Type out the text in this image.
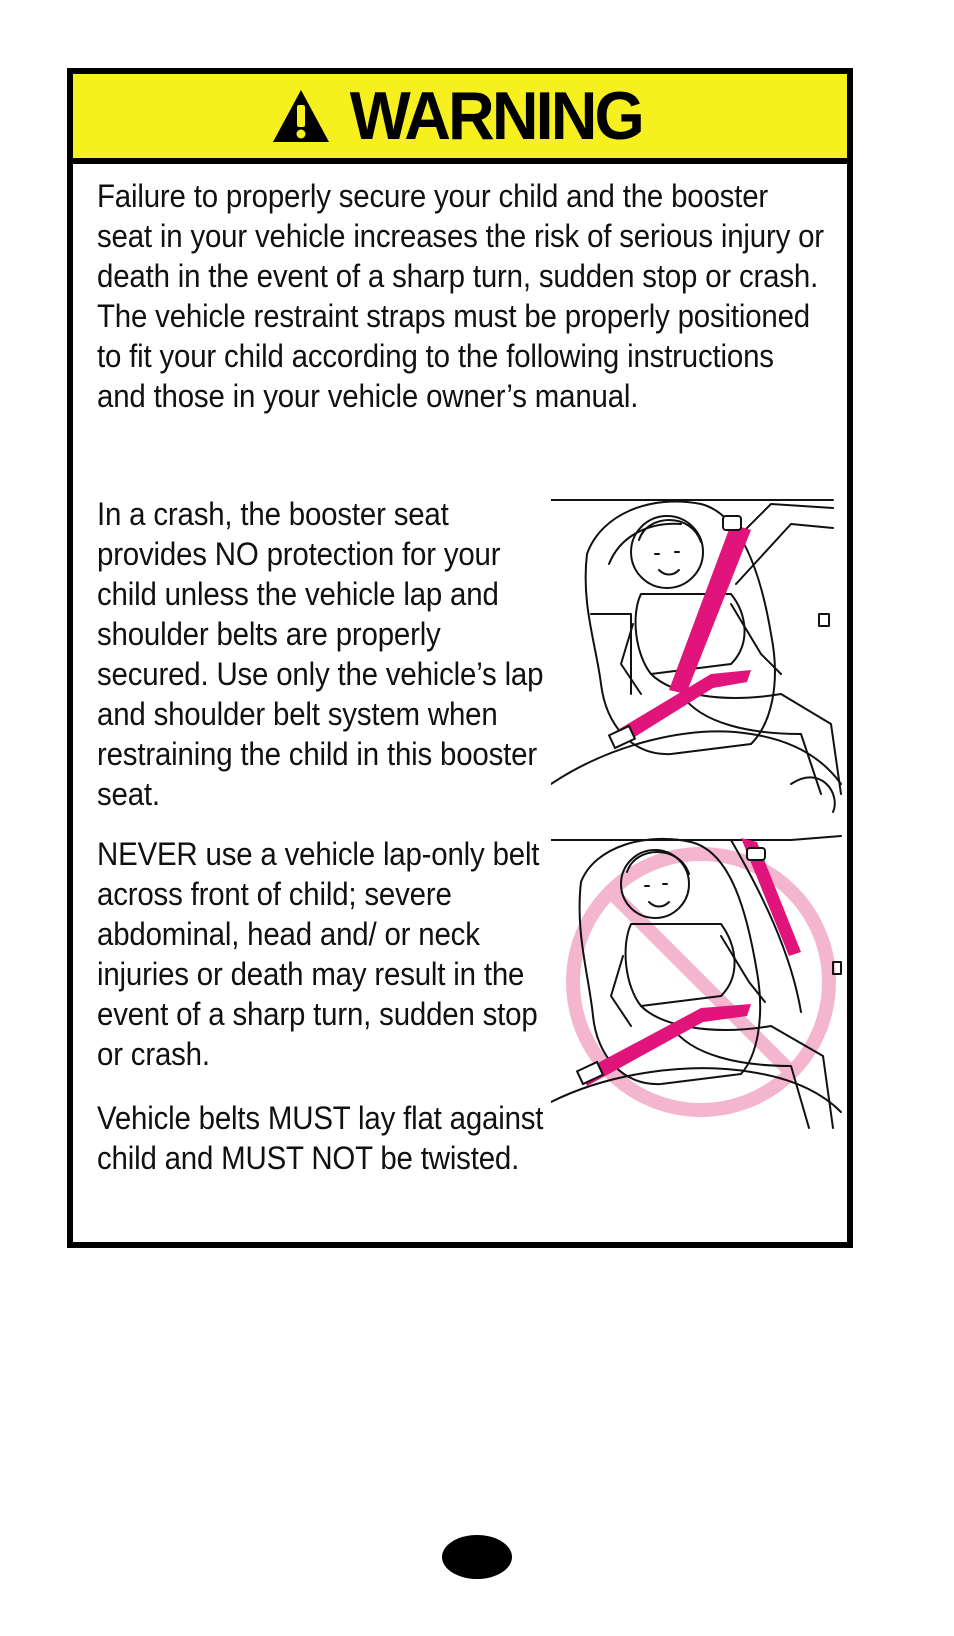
WARNING

Failure to properly secure your child and the booster seat in your vehicle increases the risk of serious injury or death in the event of a sharp turn, sudden stop or crash. The vehicle restraint straps must be properly positioned to fit your child according to the following instructions and those in your vehicle owner’s manual.

In a crash, the booster seat provides NO protection for your child unless the vehicle lap and shoulder belts are properly secured. Use only the vehicle’s lap and shoulder belt system when restraining the child in this booster seat.

NEVER use a vehicle lap-only belt across front of child; severe abdominal, head and/ or neck injuries or death may result in the event of a sharp turn, sudden stop or crash.

Vehicle belts MUST lay flat against child and MUST NOT be twisted.
